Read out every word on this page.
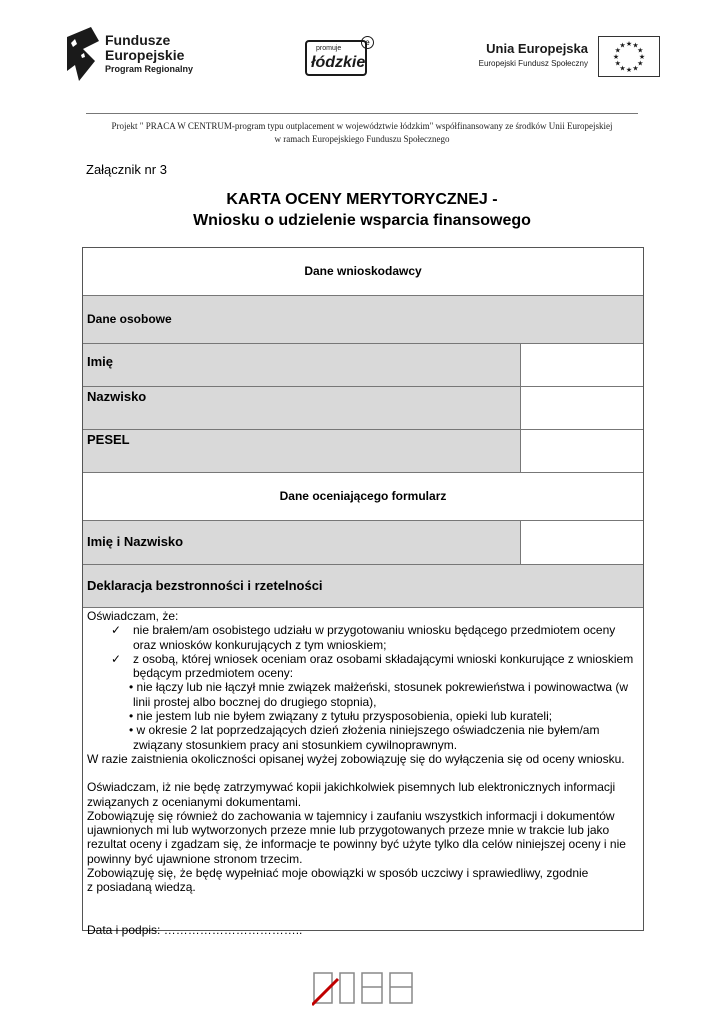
Fundusze
Europejskie
Program Regionalny
promuje
łódzkie
e	Unia Europejska
Europejski Fundusz Społeczny
★
★
★
★
★
★
★
★
★ ★ ★
★
Projekt " PRACA W CENTRUM-program typu outplacement w województwie łódzkim" współfinansowany ze środków Unii Europejskiej
w ramach Europejskiego Funduszu Społecznego
Załącznik nr 3
KARTA OCENY MERYTORYCZNEJ -
Wniosku o udzielenie wsparcia finansowego
Dane wnioskodawcy
Dane osobowe
Imię
Nazwisko
PESEL
Dane oceniającego formularz
Imię i Nazwisko
Deklaracja bezstronności i rzetelności

Oświadczam, że:

✓ nie brałem/am osobistego udziału w przygotowaniu wniosku będącego przedmiotem oceny

oraz wniosków konkurujących z tym wnioskiem;

✓ z osobą, której wniosek oceniam oraz osobami składającymi wnioski konkurujące z wnioskiem

będącym przedmiotem oceny:

• nie łączy lub nie łączył mnie związek małżeński, stosunek pokrewieństwa i powinowactwa (w

linii prostej albo bocznej do drugiego stopnia),

• nie jestem lub nie byłem związany z tytułu przysposobienia, opieki lub kurateli;

• w okresie 2 lat poprzedzających dzień złożenia niniejszego oświadczenia nie byłem/am

związany stosunkiem pracy ani stosunkiem cywilnoprawnym.

W razie zaistnienia okoliczności opisanej wyżej zobowiązuję się do wyłączenia się od oceny wniosku.

Oświadczam, iż nie będę zatrzymywać kopii jakichkolwiek pisemnych lub elektronicznych informacji

związanych z ocenianymi dokumentami.

Zobowiązuję się również do zachowania w tajemnicy i zaufaniu wszystkich informacji i dokumentów

ujawnionych mi lub wytworzonych przeze mnie lub przygotowanych przeze mnie w trakcie lub jako

rezultat oceny i zgadzam się, że informacje te powinny być użyte tylko dla celów niniejszej oceny i nie

powinny być ujawnione stronom trzecim.

Zobowiązuję się, że będę wypełniać moje obowiązki w sposób uczciwy i sprawiedliwy, zgodnie

z posiadaną wiedzą.

Data i podpis: ……………………………..
